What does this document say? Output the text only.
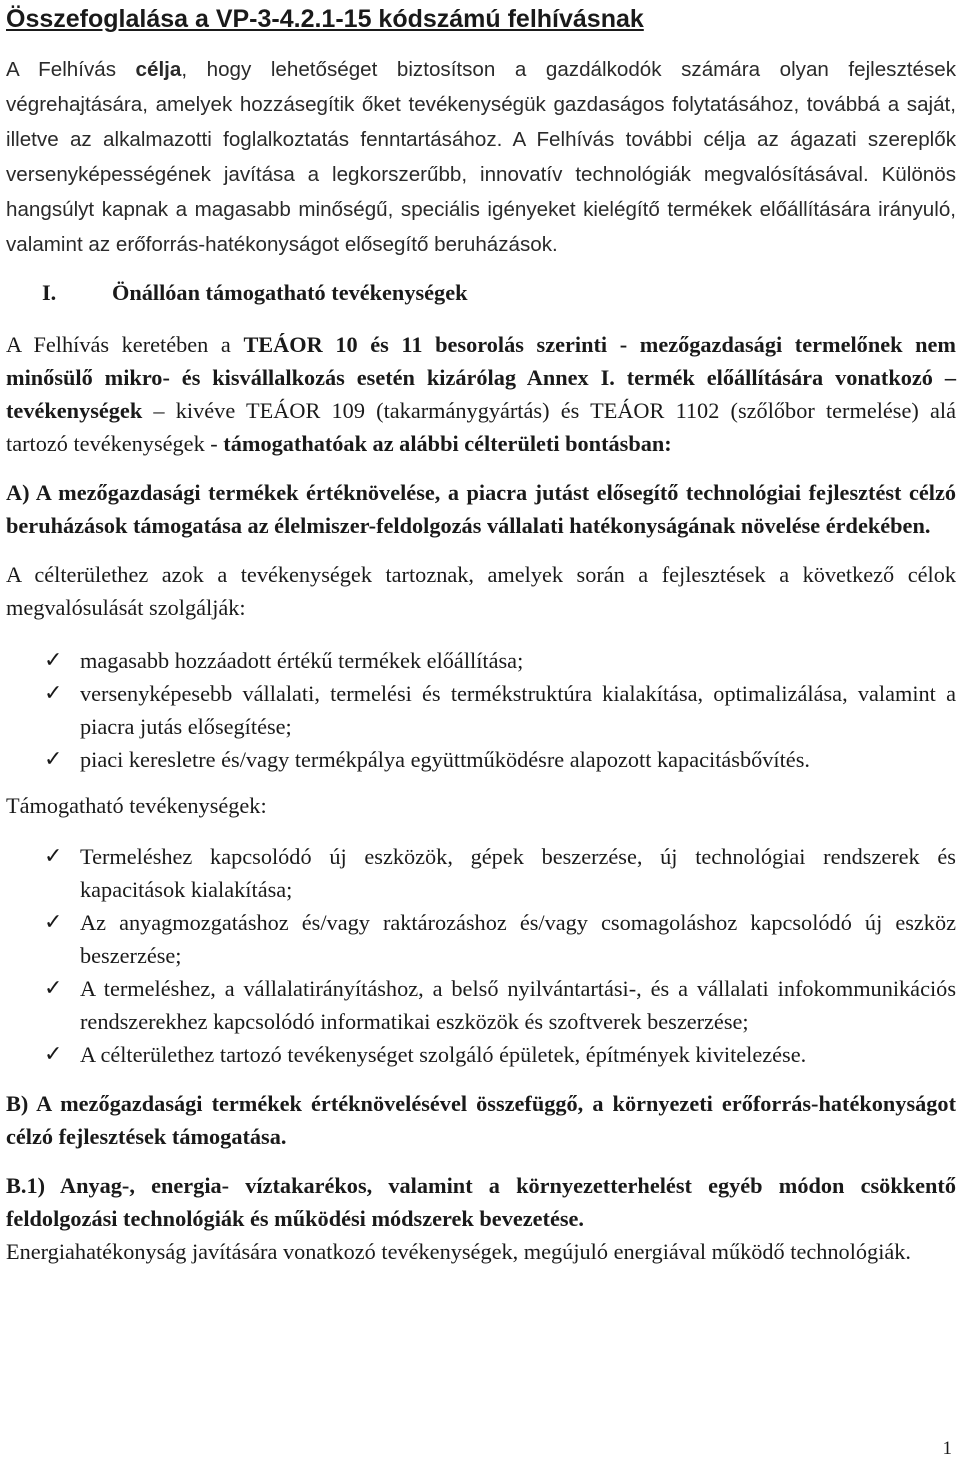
Összefoglalása a VP-3-4.2.1-15 kódszámú felhívásnak

A Felhívás célja, hogy lehetőséget biztosítson a gazdálkodók számára olyan fejlesztések végrehajtására, amelyek hozzásegítik őket tevékenységük gazdaságos folytatásához, továbbá a saját, illetve az alkalmazotti foglalkoztatás fenntartásához. A Felhívás további célja az ágazati szereplők versenyképességének javítása a legkorszerűbb, innovatív technológiák megvalósításával. Különös hangsúlyt kapnak a magasabb minőségű, speciális igényeket kielégítő termékek előállítására irányuló, valamint az erőforrás-hatékonyságot elősegítő beruházások.

I. Önállóan támogatható tevékenységek

A Felhívás keretében a TEÁOR 10 és 11 besorolás szerinti - mezőgazdasági termelőnek nem minősülő mikro- és kisvállalkozás esetén kizárólag Annex I. termék előállítására vonatkozó – tevékenységek – kivéve TEÁOR 109 (takarmánygyártás) és TEÁOR 1102 (szőlőbor termelése) alá tartozó tevékenységek - támogathatóak az alábbi célterületi bontásban:

A) A mezőgazdasági termékek értéknövelése, a piacra jutást elősegítő technológiai fejlesztést célzó beruházások támogatása az élelmiszer-feldolgozás vállalati hatékonyságának növelése érdekében.

A célterülethez azok a tevékenységek tartoznak, amelyek során a fejlesztések a következő célok megvalósulását szolgálják:

✓ magasabb hozzáadott értékű termékek előállítása;
✓ versenyképesebb vállalati, termelési és termékstruktúra kialakítása, optimalizálása, valamint a piacra jutás elősegítése;
✓ piaci keresletre és/vagy termékpálya együttműködésre alapozott kapacitásbővítés.

Támogatható tevékenységek:

✓ Termeléshez kapcsolódó új eszközök, gépek beszerzése, új technológiai rendszerek és kapacitások kialakítása;
✓ Az anyagmozgatáshoz és/vagy raktározáshoz és/vagy csomagoláshoz kapcsolódó új eszköz beszerzése;
✓ A termeléshez, a vállalatirányításhoz, a belső nyilvántartási-, és a vállalati infokommunikációs rendszerekhez kapcsolódó informatikai eszközök és szoftverek beszerzése;
✓ A célterülethez tartozó tevékenységet szolgáló épületek, építmények kivitelezése.

B) A mezőgazdasági termékek értéknövelésével összefüggő, a környezeti erőforrás-hatékonyságot célzó fejlesztések támogatása.

B.1) Anyag-, energia- víztakarékos, valamint a környezetterhelést egyéb módon csökkentő feldolgozási technológiák és működési módszerek bevezetése.

Energiahatékonyság javítására vonatkozó tevékenységek, megújuló energiával működő technológiák.

1
